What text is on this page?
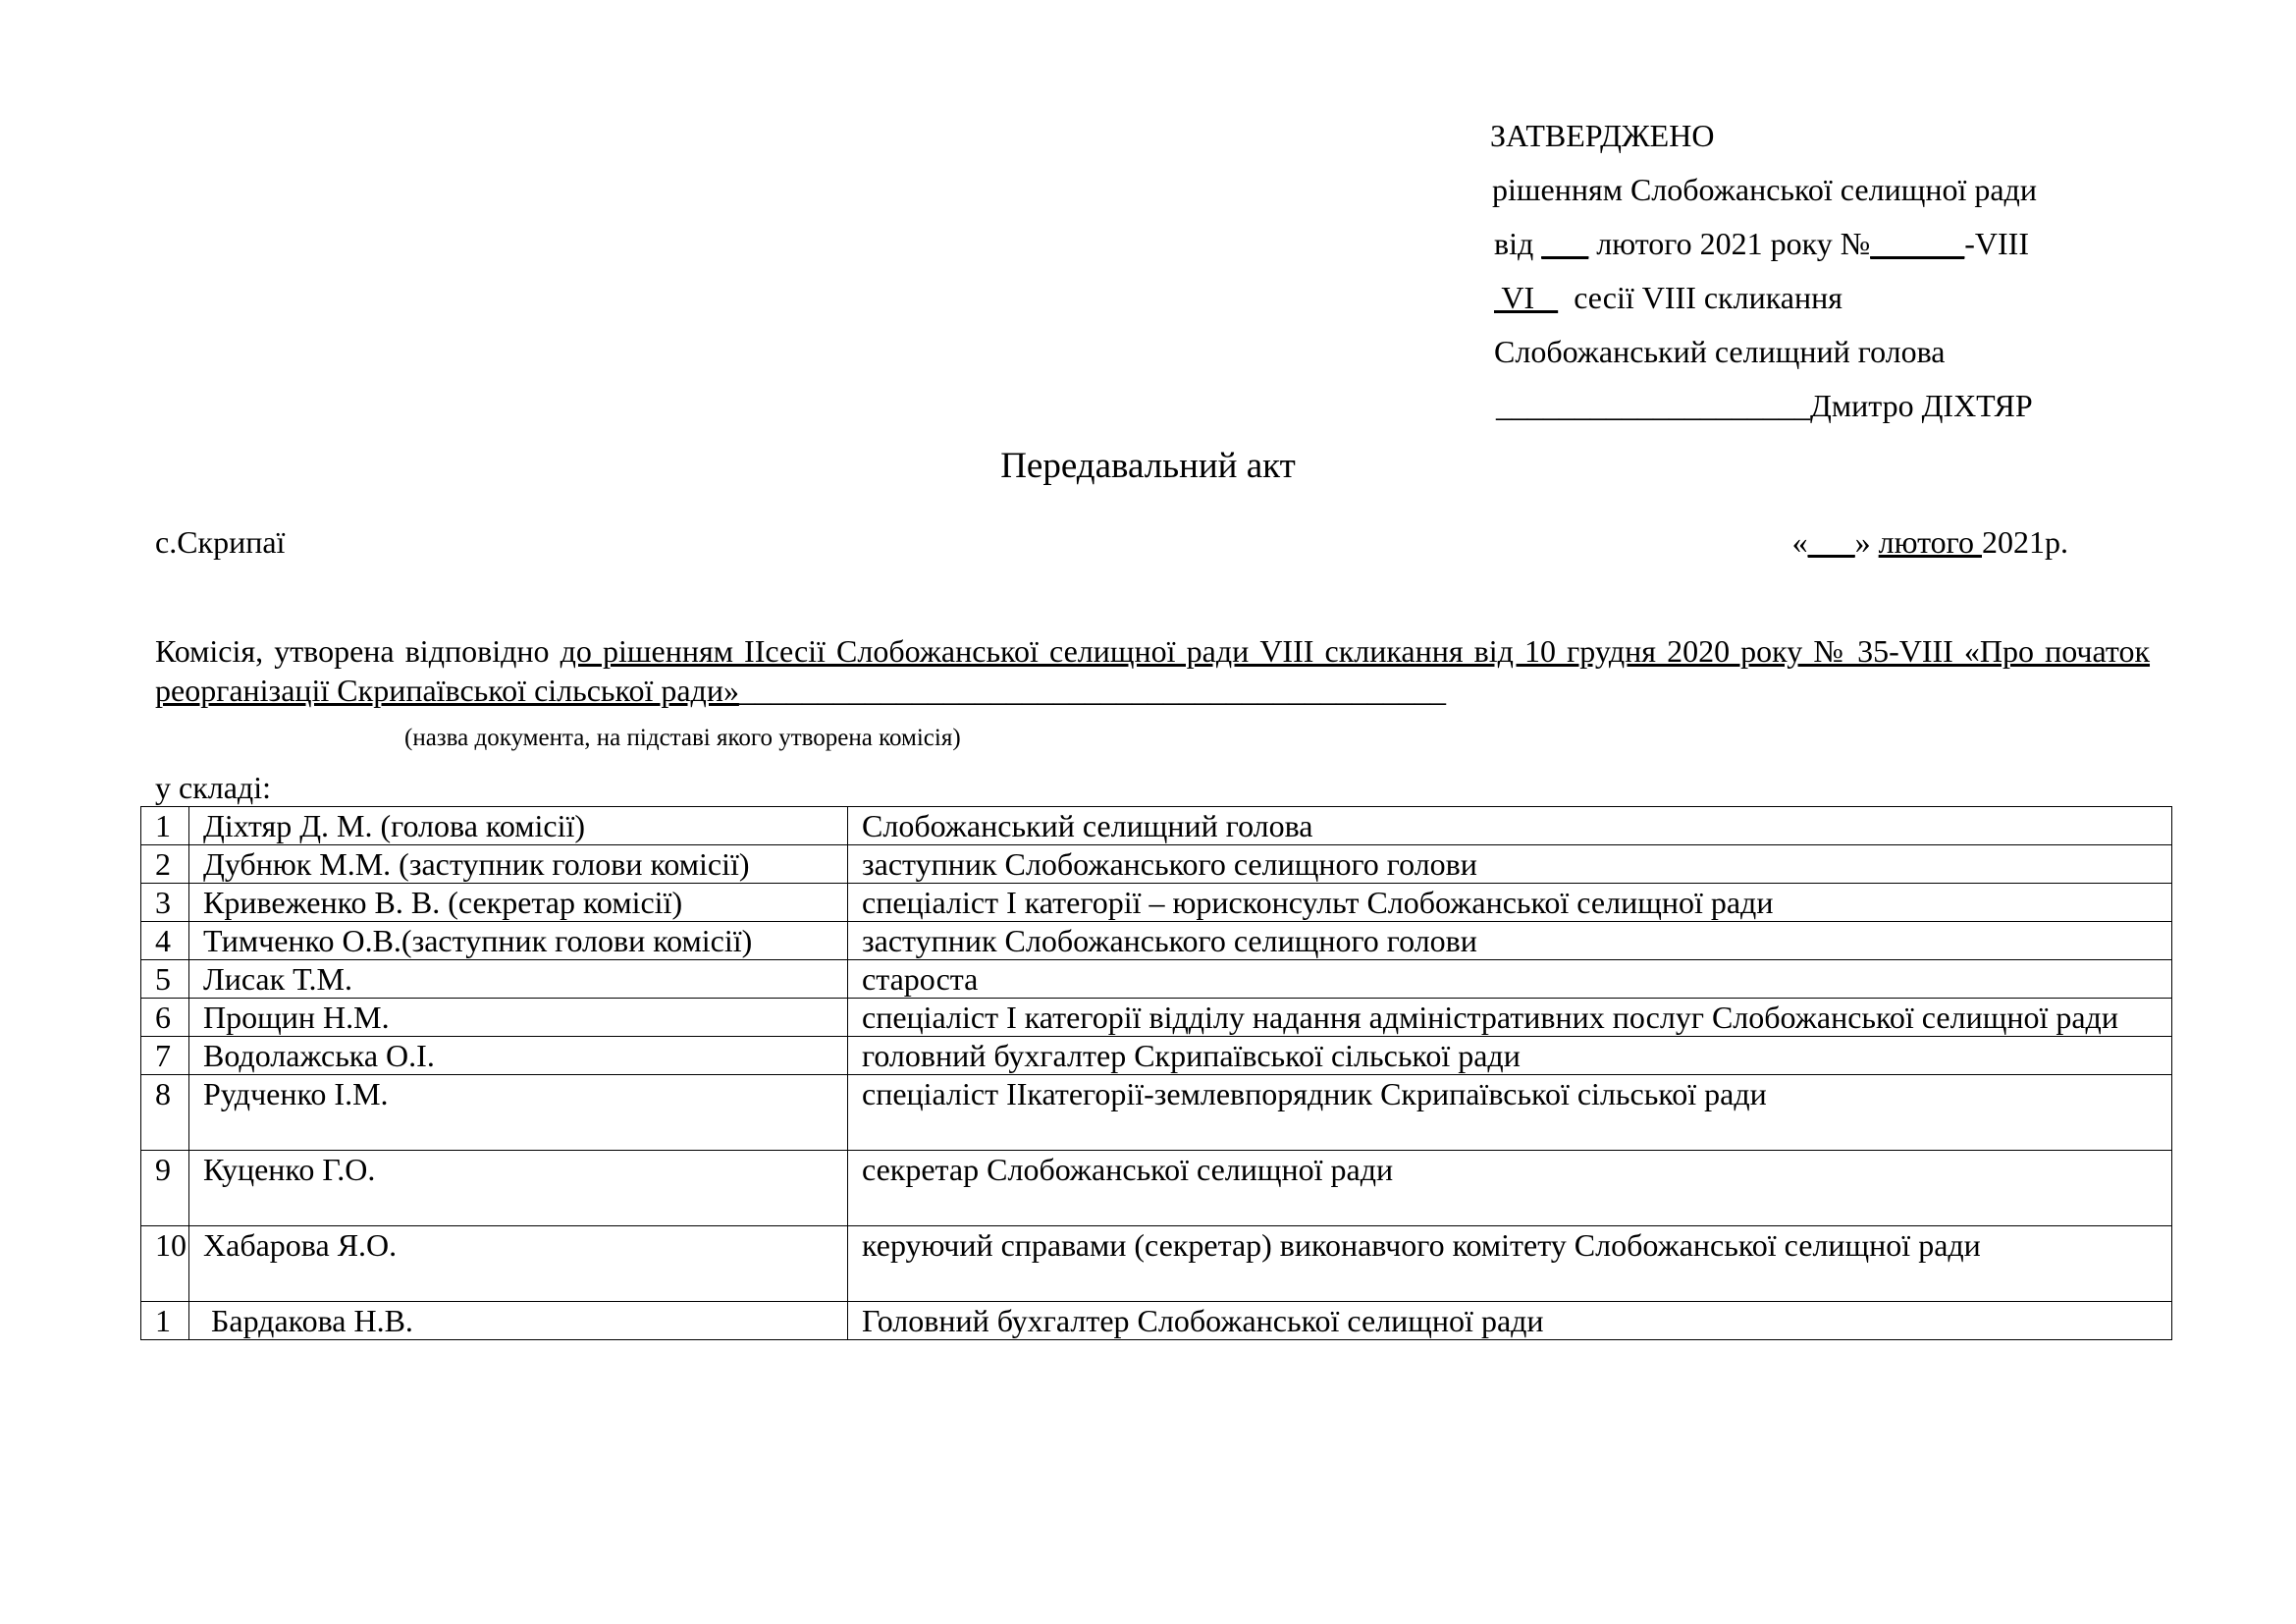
ЗАТВЕРДЖЕНО
рішенням Слобожанської селищної ради
від ___ лютого 2021 року №______-VIII
VI     сесії VIII скликання
Слобожанський селищний голова
____________________Дмитро ДІХТЯР
Передавальний акт
с.Скрипаї	«___» лютого 2021р.
Комісія, утворена відповідно до рішенням IIсесії Слобожанської селищної ради VIII скликання від 10 грудня 2020 року № 35-VIII «Про початок реорганізації Скрипаївської сільської ради»_____________________________________________
(назва документа, на підставі якого утворена комісія)
у складі:
1	Діхтяр Д. М. (голова комісії)	Слобожанський селищний голова
2	Дубнюк М.М. (заступник голови комісії)	заступник Слобожанського селищного голови
3	Кривеженко В. В. (секретар комісії)	спеціаліст I категорії – юрисконсульт Слобожанської селищної ради
4	Тимченко О.В.(заступник голови комісії)	заступник Слобожанського селищного голови
5	Лисак Т.М.	староста
6	Прощин Н.М.	спеціаліст I категорії відділу надання адміністративних послуг Слобожанської селищної ради
7	Водолажська О.І.	головний бухгалтер Скрипаївської сільської ради
8	Рудченко І.М.	спеціаліст IIкатегорії-землевпорядник Скрипаївської сільської ради
9	Куценко Г.О.	секретар Слобожанської селищної ради
10	Хабарова Я.О.	керуючий справами (секретар) виконавчого комітету Слобожанської селищної ради
1	Бардакова Н.В.	Головний бухгалтер Слобожанської селищної ради
